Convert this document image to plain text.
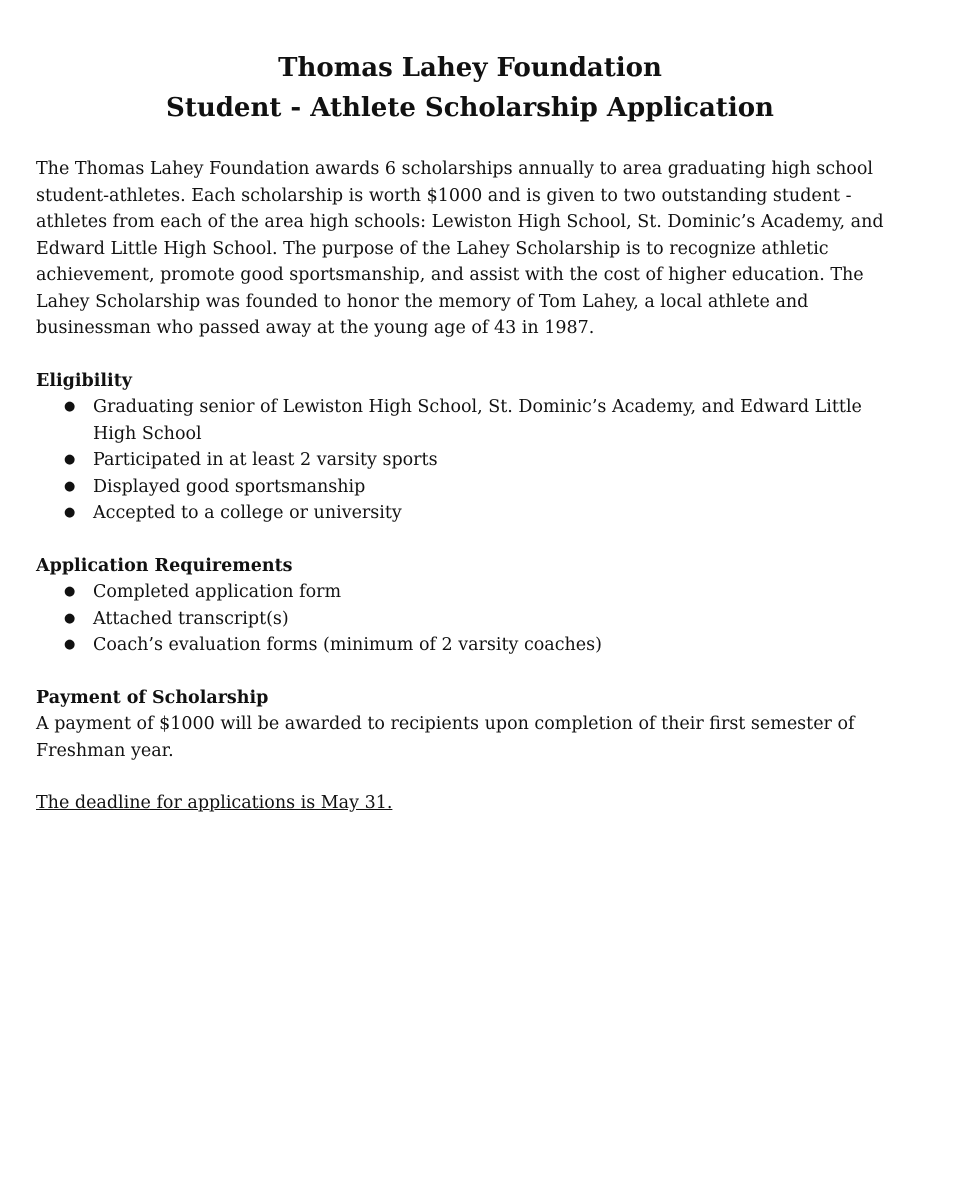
Thomas Lahey Foundation
Student - Athlete Scholarship Application

The Thomas Lahey Foundation awards 6 scholarships annually to area graduating high school student-athletes. Each scholarship is worth $1000 and is given to two outstanding student - athletes from each of the area high schools: Lewiston High School, St. Dominic’s Academy, and Edward Little High School. The purpose of the Lahey Scholarship is to recognize athletic achievement, promote good sportsmanship, and assist with the cost of higher education. The Lahey Scholarship was founded to honor the memory of Tom Lahey, a local athlete and businessman who passed away at the young age of 43 in 1987.

Eligibility

● Graduating senior of Lewiston High School, St. Dominic’s Academy, and Edward Little High School
● Participated in at least 2 varsity sports
● Displayed good sportsmanship
● Accepted to a college or university

Application Requirements

● Completed application form
● Attached transcript(s)
● Coach’s evaluation forms (minimum of 2 varsity coaches)

Payment of Scholarship

A payment of $1000 will be awarded to recipients upon completion of their first semester of Freshman year.

The deadline for applications is May 31.
